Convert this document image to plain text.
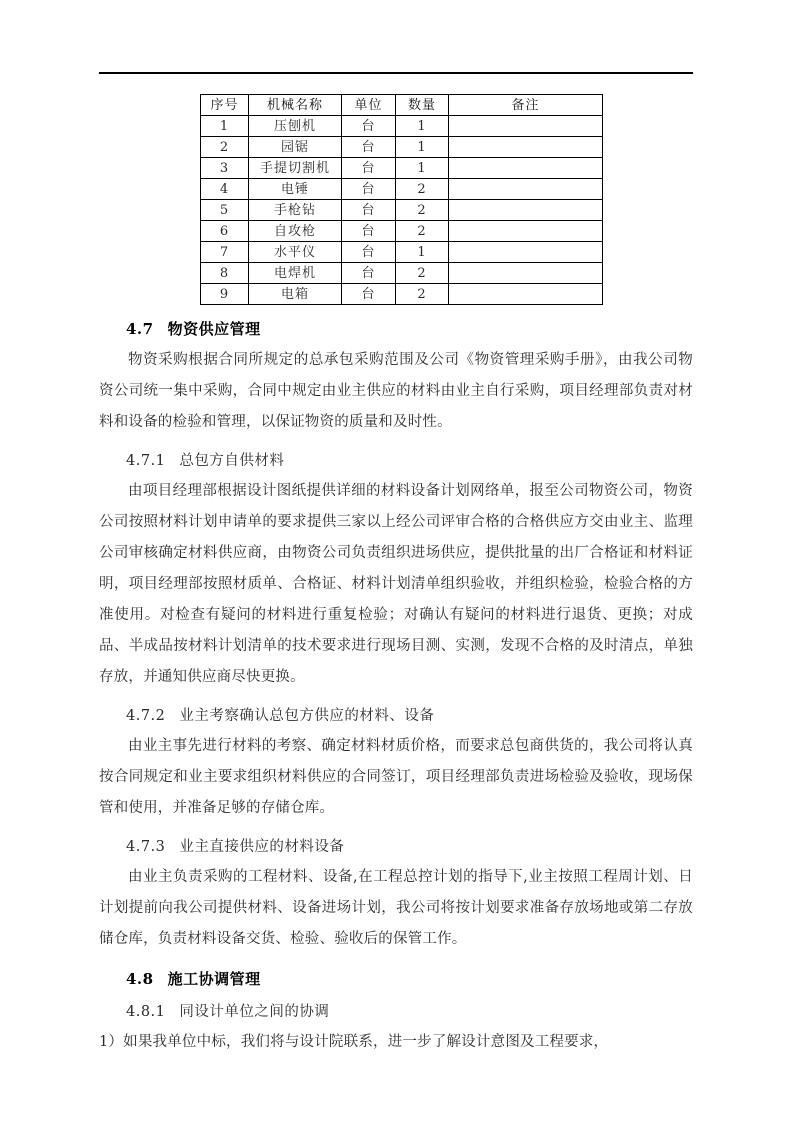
序号	机械名称	单位	数量	备注
1	压刨机	台	1	
2	园锯	台	1	
3	手提切割机	台	1	
4	电锤	台	2	
5	手枪钻	台	2	
6	自攻枪	台	2	
7	水平仪	台	1	
8	电焊机	台	2	
9	电箱	台	2	
4.7 物资供应管理

物资采购根据合同所规定的总承包采购范围及公司《物资管理采购手册》，由我公司物资公司统一集中采购，合同中规定由业主供应的材料由业主自行采购，项目经理部负责对材料和设备的检验和管理，以保证物资的质量和及时性。

4.7.1 总包方自供材料

由项目经理部根据设计图纸提供详细的材料设备计划网络单，报至公司物资公司，物资公司按照材料计划申请单的要求提供三家以上经公司评审合格的合格供应方交由业主、监理公司审核确定材料供应商，由物资公司负责组织进场供应，提供批量的出厂合格证和材料证明，项目经理部按照材质单、合格证、材料计划清单组织验收，并组织检验，检验合格的方准使用。对检查有疑问的材料进行重复检验；对确认有疑问的材料进行退货、更换；对成品、半成品按材料计划清单的技术要求进行现场目测、实测，发现不合格的及时清点，单独存放，并通知供应商尽快更换。

4.7.2 业主考察确认总包方供应的材料、设备

由业主事先进行材料的考察、确定材料材质价格，而要求总包商供货的，我公司将认真按合同规定和业主要求组织材料供应的合同签订，项目经理部负责进场检验及验收，现场保管和使用，并准备足够的存储仓库。

4.7.3 业主直接供应的材料设备

由业主负责采购的工程材料、设备,在工程总控计划的指导下,业主按照工程周计划、日计划提前向我公司提供材料、设备进场计划，我公司将按计划要求准备存放场地或第二存放储仓库，负责材料设备交货、检验、验收后的保管工作。

4.8 施工协调管理
4.8.1 同设计单位之间的协调

1）如果我单位中标，我们将与设计院联系，进一步了解设计意图及工程要求，
